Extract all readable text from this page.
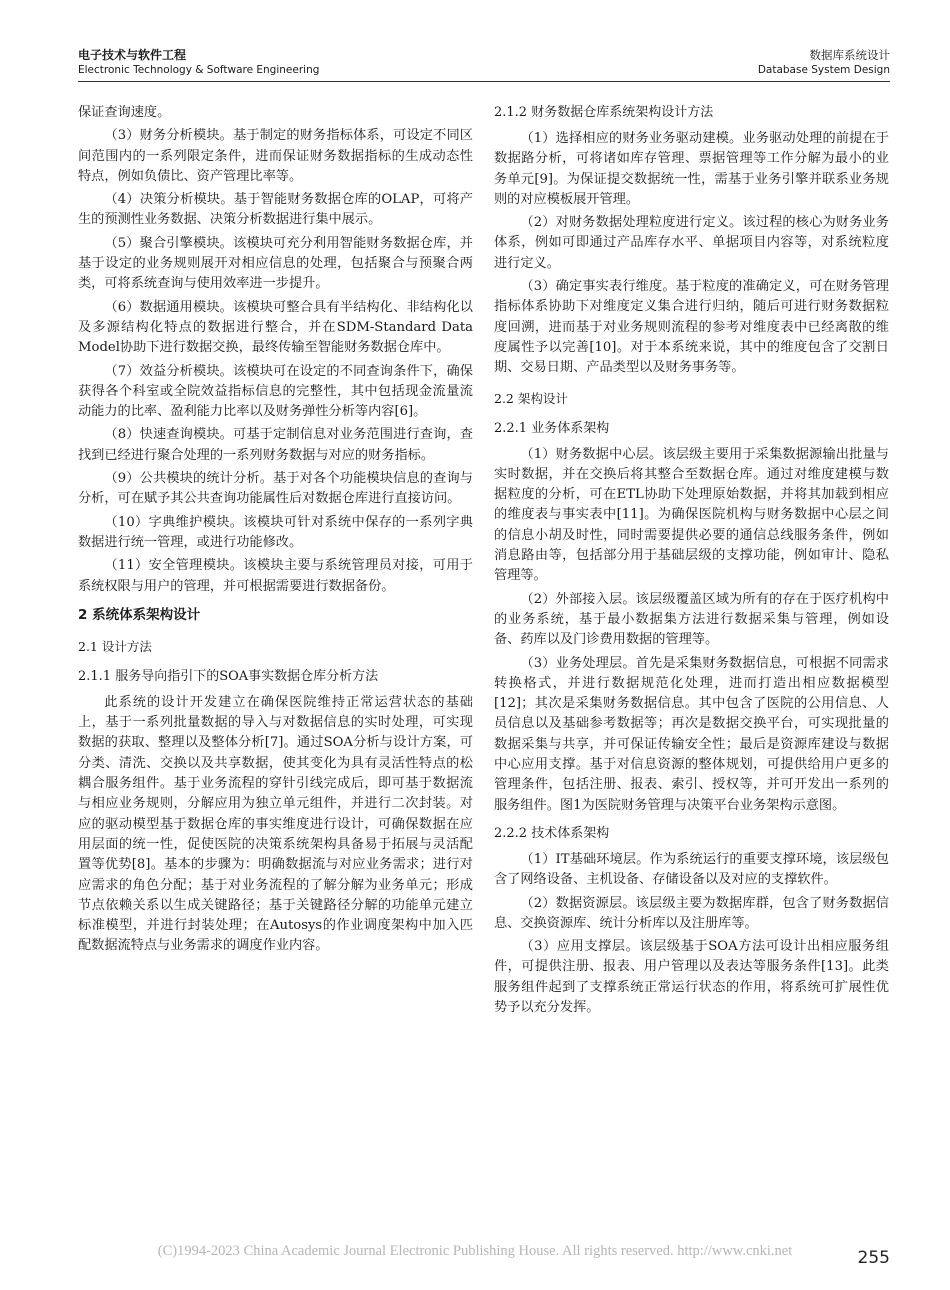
电子技术与软件工程
Electronic Technology & Software Engineering
数据库系统设计
Database System Design

保证查询速度。

（3）财务分析模块。基于制定的财务指标体系，可设定不同区间范围内的一系列限定条件，进而保证财务数据指标的生成动态性特点，例如负债比、资产管理比率等。

（4）决策分析模块。基于智能财务数据仓库的OLAP，可将产生的预测性业务数据、决策分析数据进行集中展示。

（5）聚合引擎模块。该模块可充分利用智能财务数据仓库，并基于设定的业务规则展开对相应信息的处理，包括聚合与预聚合两类，可将系统查询与使用效率进一步提升。

（6）数据通用模块。该模块可整合具有半结构化、非结构化以及多源结构化特点的数据进行整合，并在SDM-Standard Data Model协助下进行数据交换，最终传输至智能财务数据仓库中。

（7）效益分析模块。该模块可在设定的不同查询条件下，确保获得各个科室或全院效益指标信息的完整性，其中包括现金流量流动能力的比率、盈利能力比率以及财务弹性分析等内容[6]。

（8）快速查询模块。可基于定制信息对业务范围进行查询，查找到已经进行聚合处理的一系列财务数据与对应的财务指标。

（9）公共模块的统计分析。基于对各个功能模块信息的查询与分析，可在赋予其公共查询功能属性后对数据仓库进行直接访问。

（10）字典维护模块。该模块可针对系统中保存的一系列字典数据进行统一管理，或进行功能修改。

（11）安全管理模块。该模块主要与系统管理员对接，可用于系统权限与用户的管理，并可根据需要进行数据备份。

2 系统体系架构设计
2.1 设计方法
2.1.1 服务导向指引下的SOA事实数据仓库分析方法

此系统的设计开发建立在确保医院维持正常运营状态的基础上，基于一系列批量数据的导入与对数据信息的实时处理，可实现数据的获取、整理以及整体分析[7]。通过SOA分析与设计方案，可分类、清洗、交换以及共享数据，使其变化为具有灵活性特点的松耦合服务组件。基于业务流程的穿针引线完成后，即可基于数据流与相应业务规则，分解应用为独立单元组件，并进行二次封装。对应的驱动模型基于数据仓库的事实维度进行设计，可确保数据在应用层面的统一性，促使医院的决策系统架构具备易于拓展与灵活配置等优势[8]。基本的步骤为：明确数据流与对应业务需求；进行对应需求的角色分配；基于对业务流程的了解分解为业务单元；形成节点依赖关系以生成关键路径；基于关键路径分解的功能单元建立标准模型，并进行封装处理；在Autosys的作业调度架构中加入匹配数据流特点与业务需求的调度作业内容。

2.1.2 财务数据仓库系统架构设计方法

（1）选择相应的财务业务驱动建模。业务驱动处理的前提在于数据路分析，可将诸如库存管理、票据管理等工作分解为最小的业务单元[9]。为保证提交数据统一性，需基于业务引擎并联系业务规则的对应模板展开管理。

（2）对财务数据处理粒度进行定义。该过程的核心为财务业务体系，例如可即通过产品库存水平、单据项目内容等，对系统粒度进行定义。

（3）确定事实表行维度。基于粒度的准确定义，可在财务管理指标体系协助下对维度定义集合进行归纳，随后可进行财务数据粒度回溯，进而基于对业务规则流程的参考对维度表中已经离散的维度属性予以完善[10]。对于本系统来说，其中的维度包含了交割日期、交易日期、产品类型以及财务事务等。

2.2 架构设计
2.2.1 业务体系架构

（1）财务数据中心层。该层级主要用于采集数据源输出批量与实时数据，并在交换后将其整合至数据仓库。通过对维度建模与数据粒度的分析，可在ETL协助下处理原始数据，并将其加载到相应的维度表与事实表中[11]。为确保医院机构与财务数据中心层之间的信息小胡及时性，同时需要提供必要的通信总线服务条件，例如消息路由等，包括部分用于基础层级的支撑功能，例如审计、隐私管理等。

（2）外部接入层。该层级覆盖区域为所有的存在于医疗机构中的业务系统，基于最小数据集方法进行数据采集与管理，例如设备、药库以及门诊费用数据的管理等。

（3）业务处理层。首先是采集财务数据信息，可根据不同需求转换格式，并进行数据规范化处理，进而打造出相应数据模型[12]；其次是采集财务数据信息。其中包含了医院的公用信息、人员信息以及基础参考数据等；再次是数据交换平台，可实现批量的数据采集与共享，并可保证传输安全性；最后是资源库建设与数据中心应用支撑。基于对信息资源的整体规划，可提供给用户更多的管理条件，包括注册、报表、索引、授权等，并可开发出一系列的服务组件。图1为医院财务管理与决策平台业务架构示意图。

2.2.2 技术体系架构

（1）IT基础环境层。作为系统运行的重要支撑环境，该层级包含了网络设备、主机设备、存储设备以及对应的支撑软件。

（2）数据资源层。该层级主要为数据库群，包含了财务数据信息、交换资源库、统计分析库以及注册库等。

（3）应用支撑层。该层级基于SOA方法可设计出相应服务组件，可提供注册、报表、用户管理以及表达等服务条件[13]。此类服务组件起到了支撑系统正常运行状态的作用，将系统可扩展性优势予以充分发挥。

255
(C)1994-2023 China Academic Journal Electronic Publishing House. All rights reserved. http://www.cnki.net
